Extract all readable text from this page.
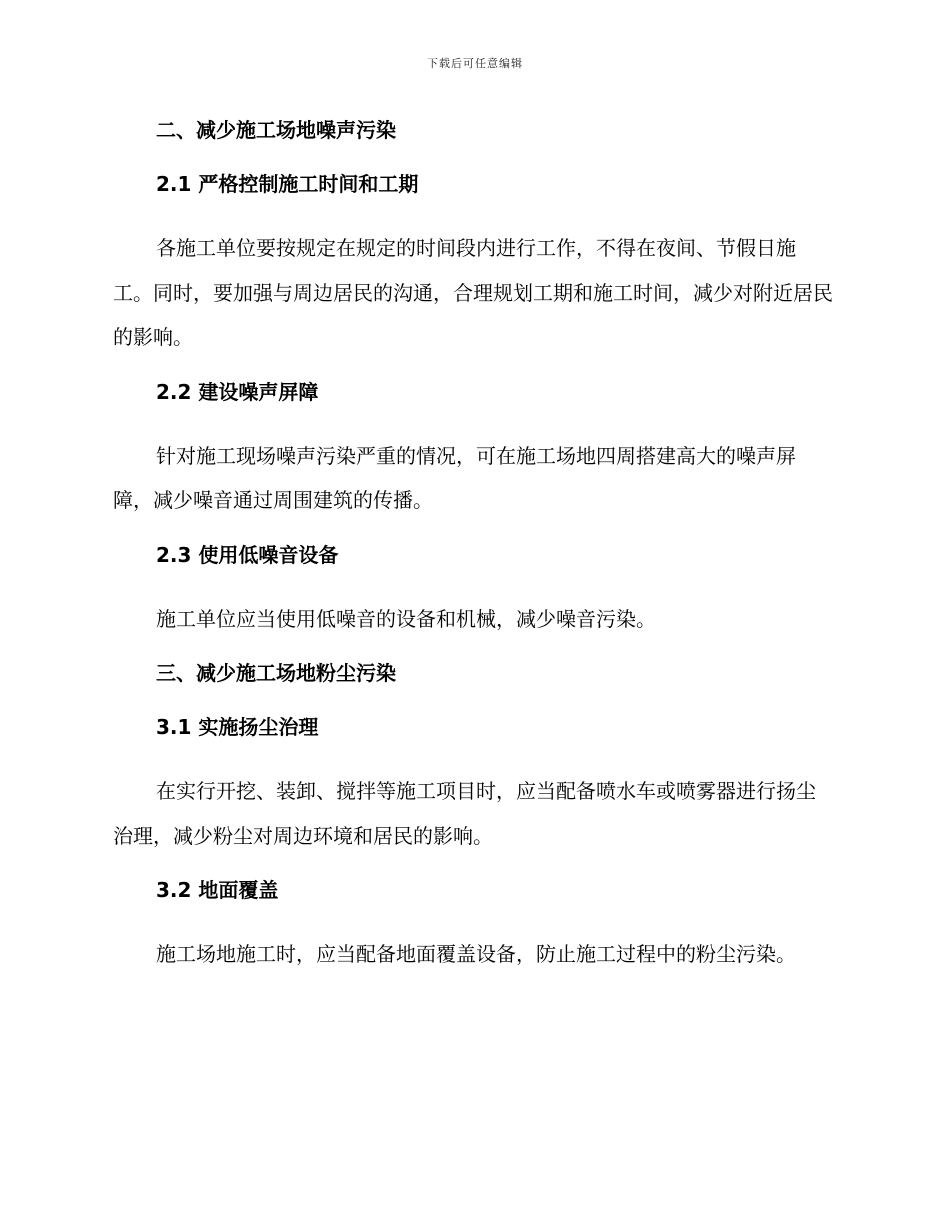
下载后可任意编辑
二、减少施工场地噪声污染
2.1 严格控制施工时间和工期

各施工单位要按规定在规定的时间段内进行工作，不得在夜间、节假日施工。同时，要加强与周边居民的沟通，合理规划工期和施工时间，减少对附近居民的影响。

2.2 建设噪声屏障

针对施工现场噪声污染严重的情况，可在施工场地四周搭建高大的噪声屏障，减少噪音通过周围建筑的传播。

2.3 使用低噪音设备

施工单位应当使用低噪音的设备和机械，减少噪音污染。

三、减少施工场地粉尘污染
3.1 实施扬尘治理

在实行开挖、装卸、搅拌等施工项目时，应当配备喷水车或喷雾器进行扬尘治理，减少粉尘对周边环境和居民的影响。

3.2 地面覆盖

施工场地施工时，应当配备地面覆盖设备，防止施工过程中的粉尘污染。
